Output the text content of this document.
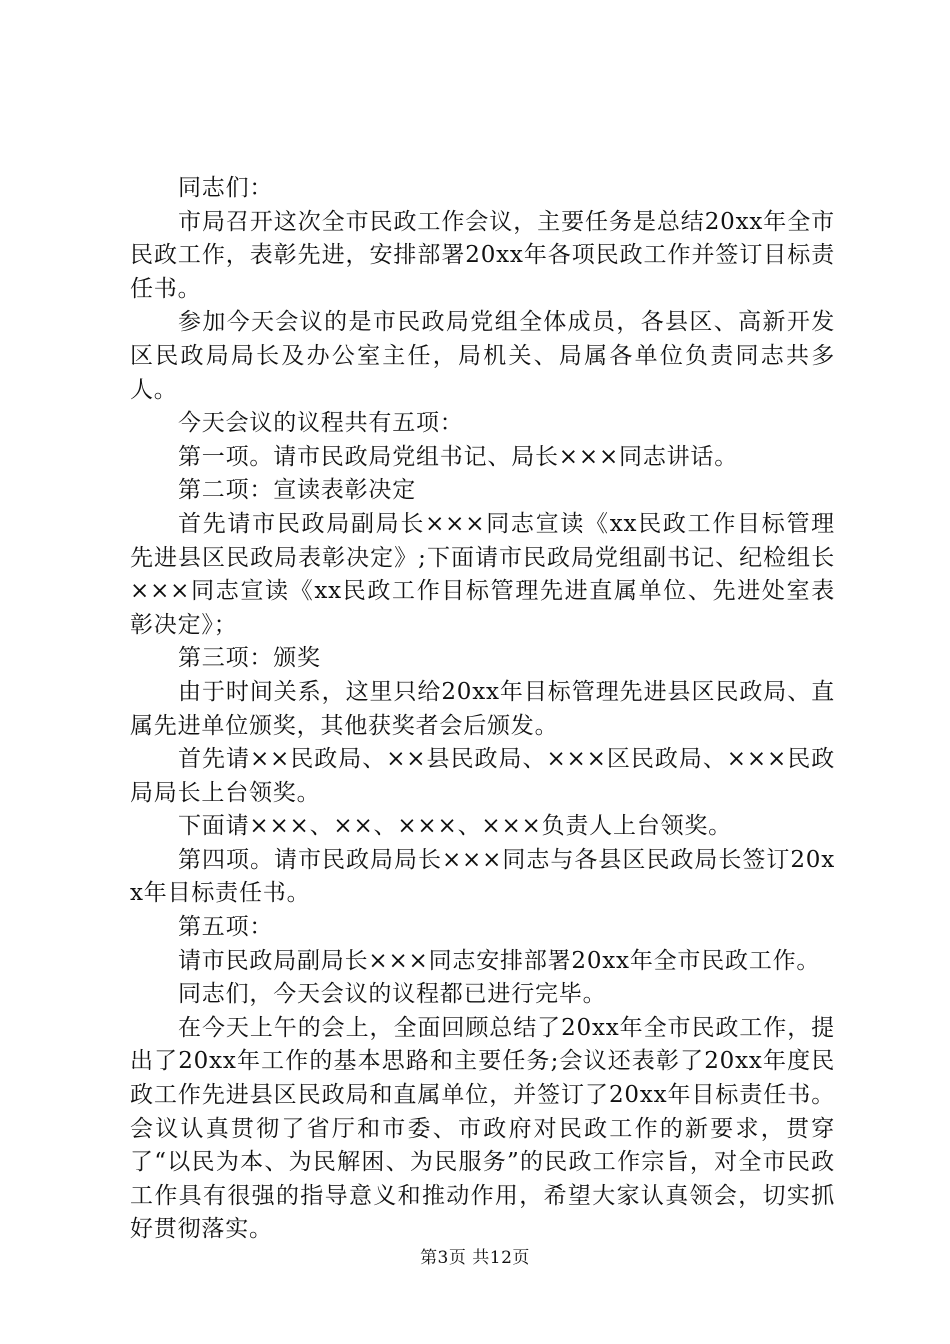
同志们：

市局召开这次全市民政工作会议，主要任务是总结20xx年全市民政工作，表彰先进，安排部署20xx年各项民政工作并签订目标责任书。

参加今天会议的是市民政局党组全体成员，各县区、高新开发区民政局局长及办公室主任，局机关、局属各单位负责同志共多人。

今天会议的议程共有五项：

第一项。请市民政局党组书记、局长×××同志讲话。

第二项：宣读表彰决定

首先请市民政局副局长×××同志宣读《xx民政工作目标管理先进县区民政局表彰决定》;下面请市民政局党组副书记、纪检组长×××同志宣读《xx民政工作目标管理先进直属单位、先进处室表彰决定》；

第三项：颁奖

由于时间关系，这里只给20xx年目标管理先进县区民政局、直属先进单位颁奖，其他获奖者会后颁发。

首先请××民政局、××县民政局、×××区民政局、×××民政局局长上台领奖。

下面请×××、××、×××、×××负责人上台领奖。

第四项。请市民政局局长×××同志与各县区民政局长签订20xx年目标责任书。

第五项：

请市民政局副局长×××同志安排部署20xx年全市民政工作。

同志们，今天会议的议程都已进行完毕。

在今天上午的会上，全面回顾总结了20xx年全市民政工作，提出了20xx年工作的基本思路和主要任务;会议还表彰了20xx年度民政工作先进县区民政局和直属单位，并签订了20xx年目标责任书。会议认真贯彻了省厅和市委、市政府对民政工作的新要求，贯穿了“以民为本、为民解困、为民服务”的民政工作宗旨，对全市民政工作具有很强的指导意义和推动作用，希望大家认真领会，切实抓好贯彻落实。

第3页 共12页
